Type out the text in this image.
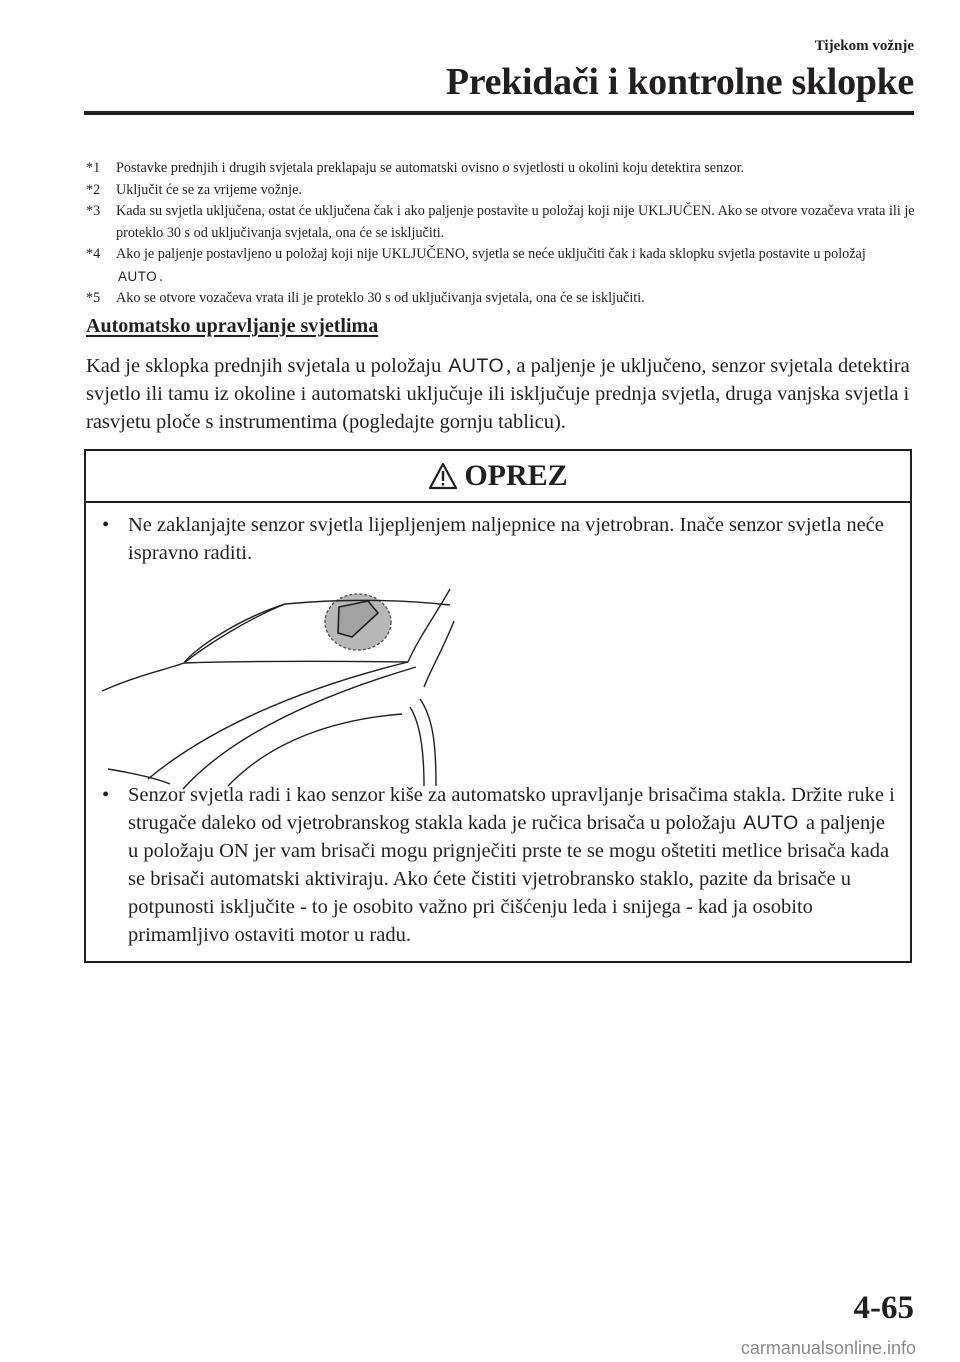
Tijekom vožnje
Prekidači i kontrolne sklopke
*1	Postavke prednjih i drugih svjetala preklapaju se automatski ovisno o svjetlosti u okolini koju detektira senzor.
*2	Uključit će se za vrijeme vožnje.
*3	Kada su svjetla uključena, ostat će uključena čak i ako paljenje postavite u položaj koji nije UKLJUČEN. Ako se otvore vozačeva vrata ili je proteklo 30 s od uključivanja svjetala, ona će se isključiti.
*4	Ako je paljenje postavljeno u položaj koji nije UKLJUČENO, svjetla se neće uključiti čak i kada sklopku svjetla postavite u položaj AUTO .
*5	Ako se otvore vozačeva vrata ili je proteklo 30 s od uključivanja svjetala, ona će se isključiti.
Automatsko upravljanje svjetlima
Kad je sklopka prednjih svjetala u položaju AUTO, a paljenje je uključeno, senzor svjetala detektira svjetlo ili tamu iz okoline i automatski uključuje ili isključuje prednja svjetla, druga vanjska svjetla i rasvjetu ploče s instrumentima (pogledajte gornju tablicu).
OPREZ
• Ne zaklanjajte senzor svjetla lijepljenjem naljepnice na vjetrobran. Inače senzor svjetla neće ispravno raditi.
• Senzor svjetla radi i kao senzor kiše za automatsko upravljanje brisačima stakla. Držite ruke i strugače daleko od vjetrobranskog stakla kada je ručica brisača u položaju AUTO a paljenje u položaju ON jer vam brisači mogu prignječiti prste te se mogu oštetiti metlice brisača kada se brisači automatski aktiviraju. Ako ćete čistiti vjetrobransko staklo, pazite da brisače u potpunosti isključite - to je osobito važno pri čišćenju leda i snijega - kad ja osobito primamljivo ostaviti motor u radu.
4-65
carmanualsonline.info
